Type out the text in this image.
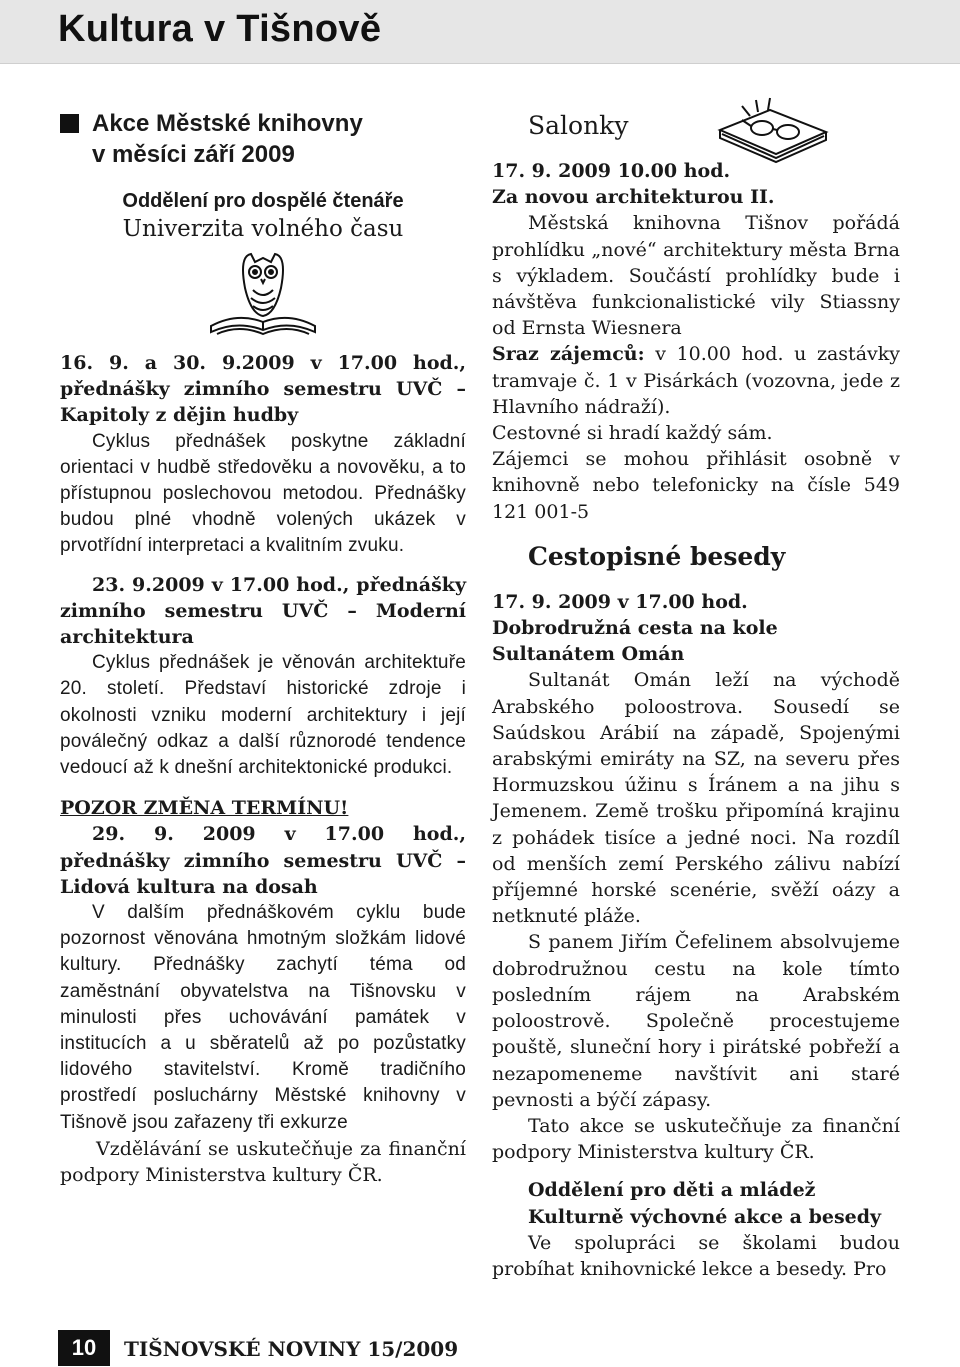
Kultura v Tišnově
Akce Městské knihovny
v měsíci září 2009
Oddělení pro dospělé čtenáře
Univerzita volného času
16. 9. a 30. 9.2009 v 17.00 hod., přednášky zimního semestru UVČ – Kapitoly z dějin hudby
Cyklus přednášek poskytne základní orientaci v hudbě středověku a novověku, a to přístupnou poslechovou metodou. Přednášky budou plné vhodně volených ukázek v prvotřídní interpretaci a kvalitním zvuku.
23. 9.2009 v 17.00 hod., přednášky zimního semestru UVČ – Moderní architektura
Cyklus přednášek je věnován architektuře 20. století. Představí historické zdroje i okolnosti vzniku moderní architektury i její poválečný odkaz a další různorodé tendence vedoucí až k dnešní architektonické produkci.
POZOR ZMĚNA TERMÍNU!
29. 9. 2009 v 17.00 hod., přednášky zimního semestru UVČ – Lidová kultura na dosah
V dalším přednáškovém cyklu bude pozornost věnována hmotným složkám lidové kultury. Přednášky zachytí téma od zaměstnání obyvatelstva na Tišnovsku v minulosti přes uchovávání památek v institucích a u sběratelů až po pozůstatky lidového stavitelství. Kromě tradičního prostředí posluchárny Městské knihovny v Tišnově jsou zařazeny tři exkurze
Vzdělávání se uskutečňuje za finanční podpory Ministerstva kultury ČR.
Salonky
17. 9. 2009 10.00 hod.
Za novou architekturou II.
Městská knihovna Tišnov pořádá prohlídku „nové“ architektury města Brna s výkladem. Součástí prohlídky bude i návštěva funkcionalistické vily Stiassny od Ernsta Wiesnera
Sraz zájemců: v 10.00 hod. u zastávky tramvaje č. 1 v Pisárkách (vozovna, jede z Hlavního nádraží).
Cestovné si hradí každý sám.
Zájemci se mohou přihlásit osobně v knihovně nebo telefonicky na čísle 549 121 001-5
Cestopisné besedy
17. 9. 2009 v 17.00 hod.
Dobrodružná cesta na kole Sultanátem Omán
Sultanát Omán leží na východě Arabského poloostrova. Sousedí se Saúdskou Arábií na západě, Spojenými arabskými emiráty na SZ, na severu přes Hormuzskou úžinu s Íránem a na jihu s Jemenem. Země trošku připomíná krajinu z pohádek tisíce a jedné noci. Na rozdíl od menších zemí Perského zálivu nabízí příjemné horské scenérie, svěží oázy a netknuté pláže.
S panem Jiřím Čefelinem absolvujeme dobrodružnou cestu na kole tímto posledním rájem na Arabském poloostrově. Společně procestujeme pouště, sluneční hory i pirátské pobřeží a nezapomeneme navštívit ani staré pevnosti a býčí zápasy.
Tato akce se uskutečňuje za finanční podpory Ministerstva kultury ČR.
Oddělení pro děti a mládež
Kulturně výchovné akce a besedy
Ve spolupráci se školami budou probíhat knihovnické lekce a besedy. Pro
10	TIŠNOVSKÉ NOVINY 15/2009
